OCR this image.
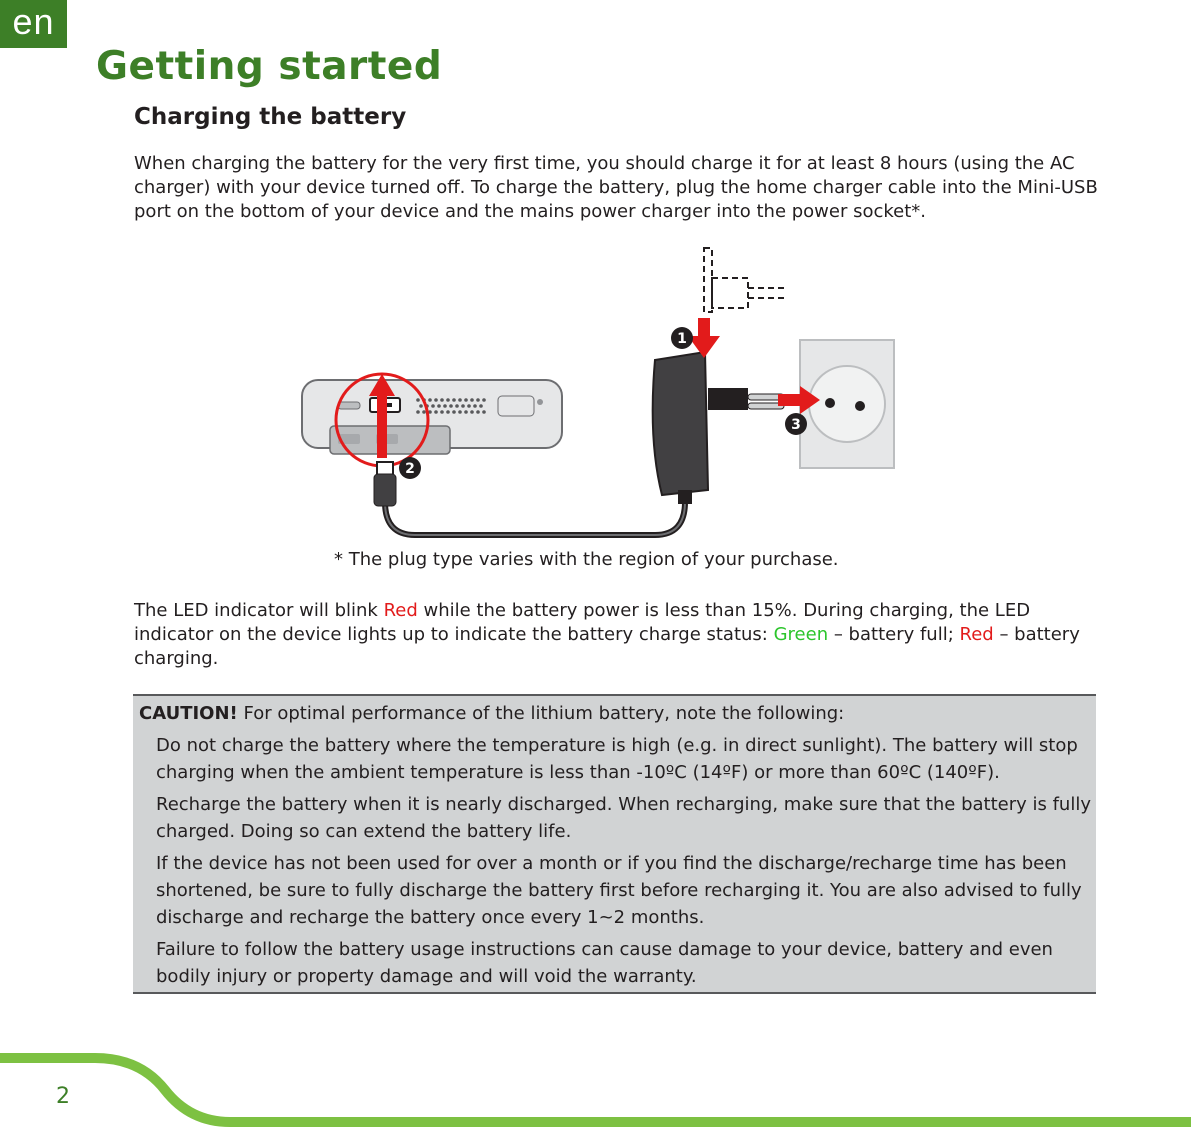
en
Getting started
Charging the battery

When charging the battery for the very first time, you should charge it for at least 8 hours (using the AC charger) with your device turned off. To charge the battery, plug the home charger cable into the Mini-USB port on the bottom of your device and the mains power charger into the power socket*.

1
2
3

* The plug type varies with the region of your purchase.

The LED indicator will blink Red while the battery power is less than 15%. During charging, the LED indicator on the device lights up to indicate the battery charge status: Green – battery full; Red – battery charging.

CAUTION! For optimal performance of the lithium battery, note the following:

Do not charge the battery where the temperature is high (e.g. in direct sunlight). The battery will stop charging when the ambient temperature is less than -10ºC (14ºF) or more than 60ºC (140ºF).
Recharge the battery when it is nearly discharged. When recharging, make sure that the battery is fully charged. Doing so can extend the battery life.
If the device has not been used for over a month or if you find the discharge/recharge time has been shortened, be sure to fully discharge the battery first before recharging it. You are also advised to fully discharge and recharge the battery once every 1~2 months.
Failure to follow the battery usage instructions can cause damage to your device, battery and even bodily injury or property damage and will void the warranty.

2
